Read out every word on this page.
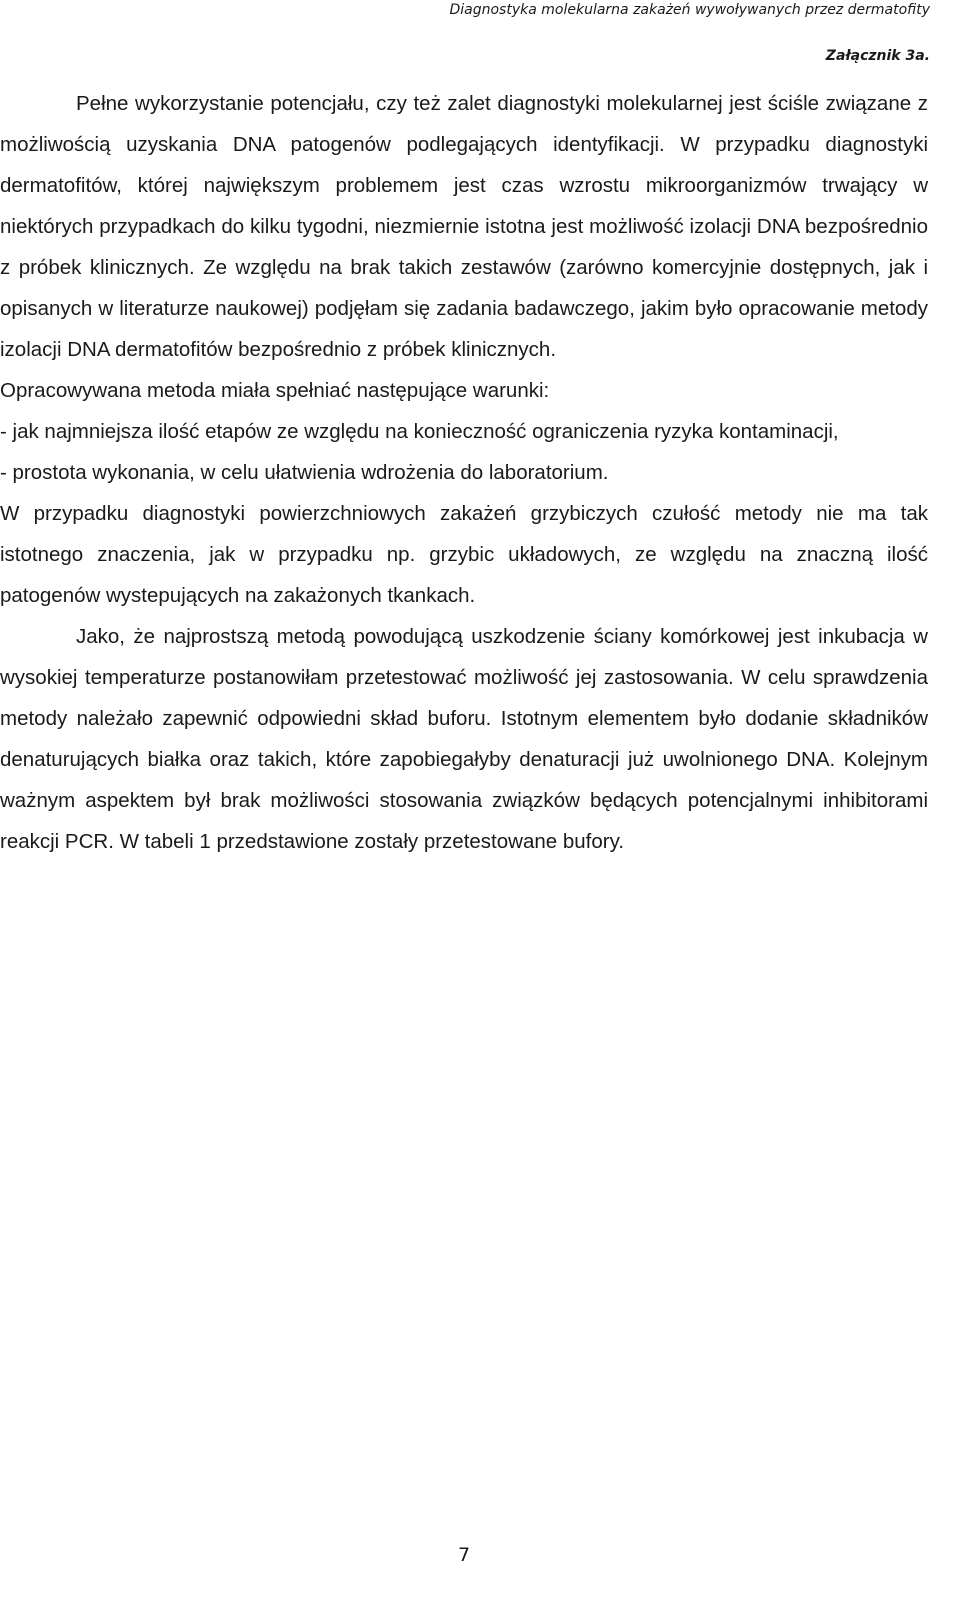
Diagnostyka molekularna zakażeń wywoływanych przez dermatofity
Załącznik 3a.

Pełne wykorzystanie potencjału, czy też zalet diagnostyki molekularnej jest ściśle związane z możliwością uzyskania DNA patogenów podlegających identyfikacji. W przypadku diagnostyki dermatofitów, której największym problemem jest czas wzrostu mikroorganizmów trwający w niektórych przypadkach do kilku tygodni, niezmiernie istotna jest możliwość izolacji DNA bezpośrednio z próbek klinicznych. Ze względu na brak takich zestawów (zarówno komercyjnie dostępnych, jak i opisanych w literaturze naukowej) podjęłam się zadania badawczego, jakim było opracowanie metody izolacji DNA dermatofitów bezpośrednio z próbek klinicznych.

Opracowywana metoda miała spełniać następujące warunki:

- jak najmniejsza ilość etapów ze względu na konieczność ograniczenia ryzyka kontaminacji,

- prostota wykonania, w celu ułatwienia wdrożenia do laboratorium.

W przypadku diagnostyki powierzchniowych zakażeń grzybiczych czułość metody nie ma tak istotnego znaczenia, jak w przypadku np. grzybic układowych, ze względu na znaczną ilość patogenów wystepujących na zakażonych tkankach.

Jako, że najprostszą metodą powodującą uszkodzenie ściany komórkowej jest inkubacja w wysokiej temperaturze postanowiłam przetestować możliwość jej zastosowania. W celu sprawdzenia metody należało zapewnić odpowiedni skład buforu. Istotnym elementem było dodanie składników denaturujących białka oraz takich, które zapobiegałyby denaturacji już uwolnionego DNA. Kolejnym ważnym aspektem był brak możliwości stosowania związków będących potencjalnymi inhibitorami reakcji PCR. W tabeli 1 przedstawione zostały przetestowane bufory.

7
